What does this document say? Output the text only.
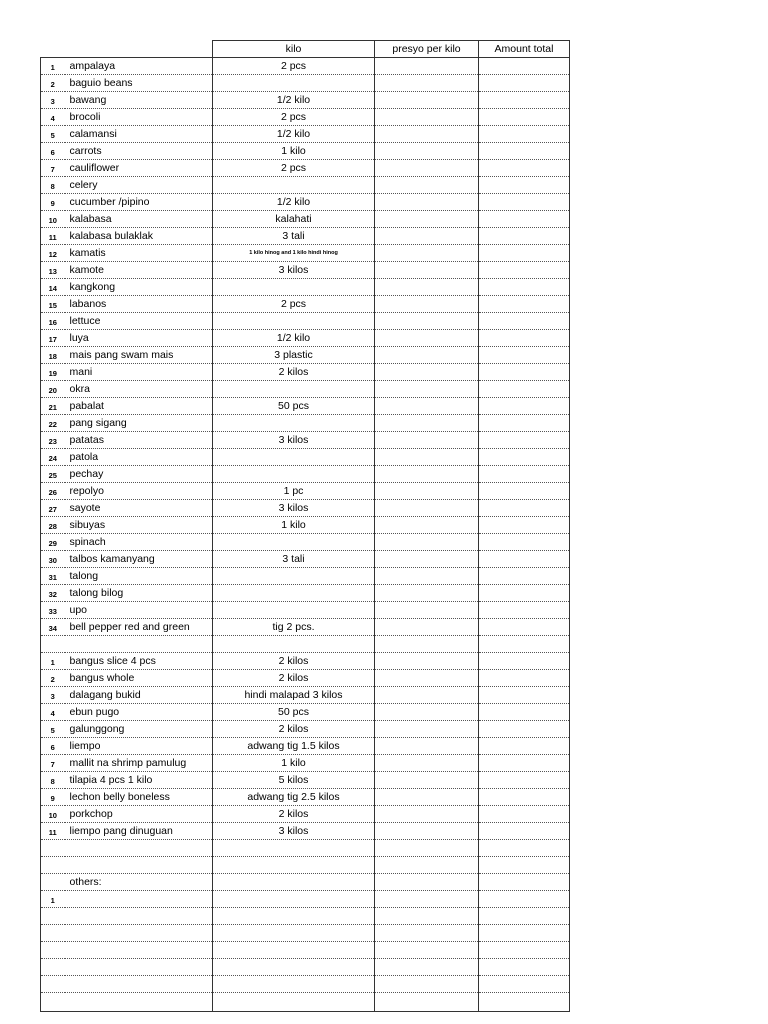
		kilo	presyo per kilo	Amount total
1	ampalaya	2 pcs		
2	baguio beans			
3	bawang	1/2 kilo		
4	brocoli	2 pcs		
5	calamansi	1/2 kilo		
6	carrots	1 kilo		
7	cauliflower	2 pcs		
8	celery			
9	cucumber /pipino	1/2 kilo		
10	kalabasa	kalahati		
11	kalabasa bulaklak	3 tali		
12	kamatis	1 kilo hinog and 1 kilo hindi hinog		
13	kamote	3 kilos		
14	kangkong			
15	labanos	2 pcs		
16	lettuce			
17	luya	1/2 kilo		
18	mais pang swam mais	3 plastic		
19	mani	2 kilos		
20	okra			
21	pabalat	50 pcs		
22	pang sigang			
23	patatas	3 kilos		
24	patola			
25	pechay			
26	repolyo	1 pc		
27	sayote	3 kilos		
28	sibuyas	1 kilo		
29	spinach			
30	talbos kamanyang	3 tali		
31	talong			
32	talong bilog			
33	upo			
34	bell pepper red and green	tig 2 pcs.		

1	bangus slice 4 pcs	2 kilos		
2	bangus whole	2 kilos		
3	dalagang bukid	hindi malapad 3 kilos		
4	ebun pugo	50 pcs		
5	galunggong	2 kilos		
6	liempo	adwang tig 1.5 kilos		
7	mallit na shrimp pamulug	1 kilo		
8	tilapia 4 pcs 1 kilo	5 kilos		
9	lechon belly boneless	adwang tig 2.5 kilos		
10	porkchop	2 kilos		
11	liempo pang dinuguan	3 kilos		

	others:			
1				
